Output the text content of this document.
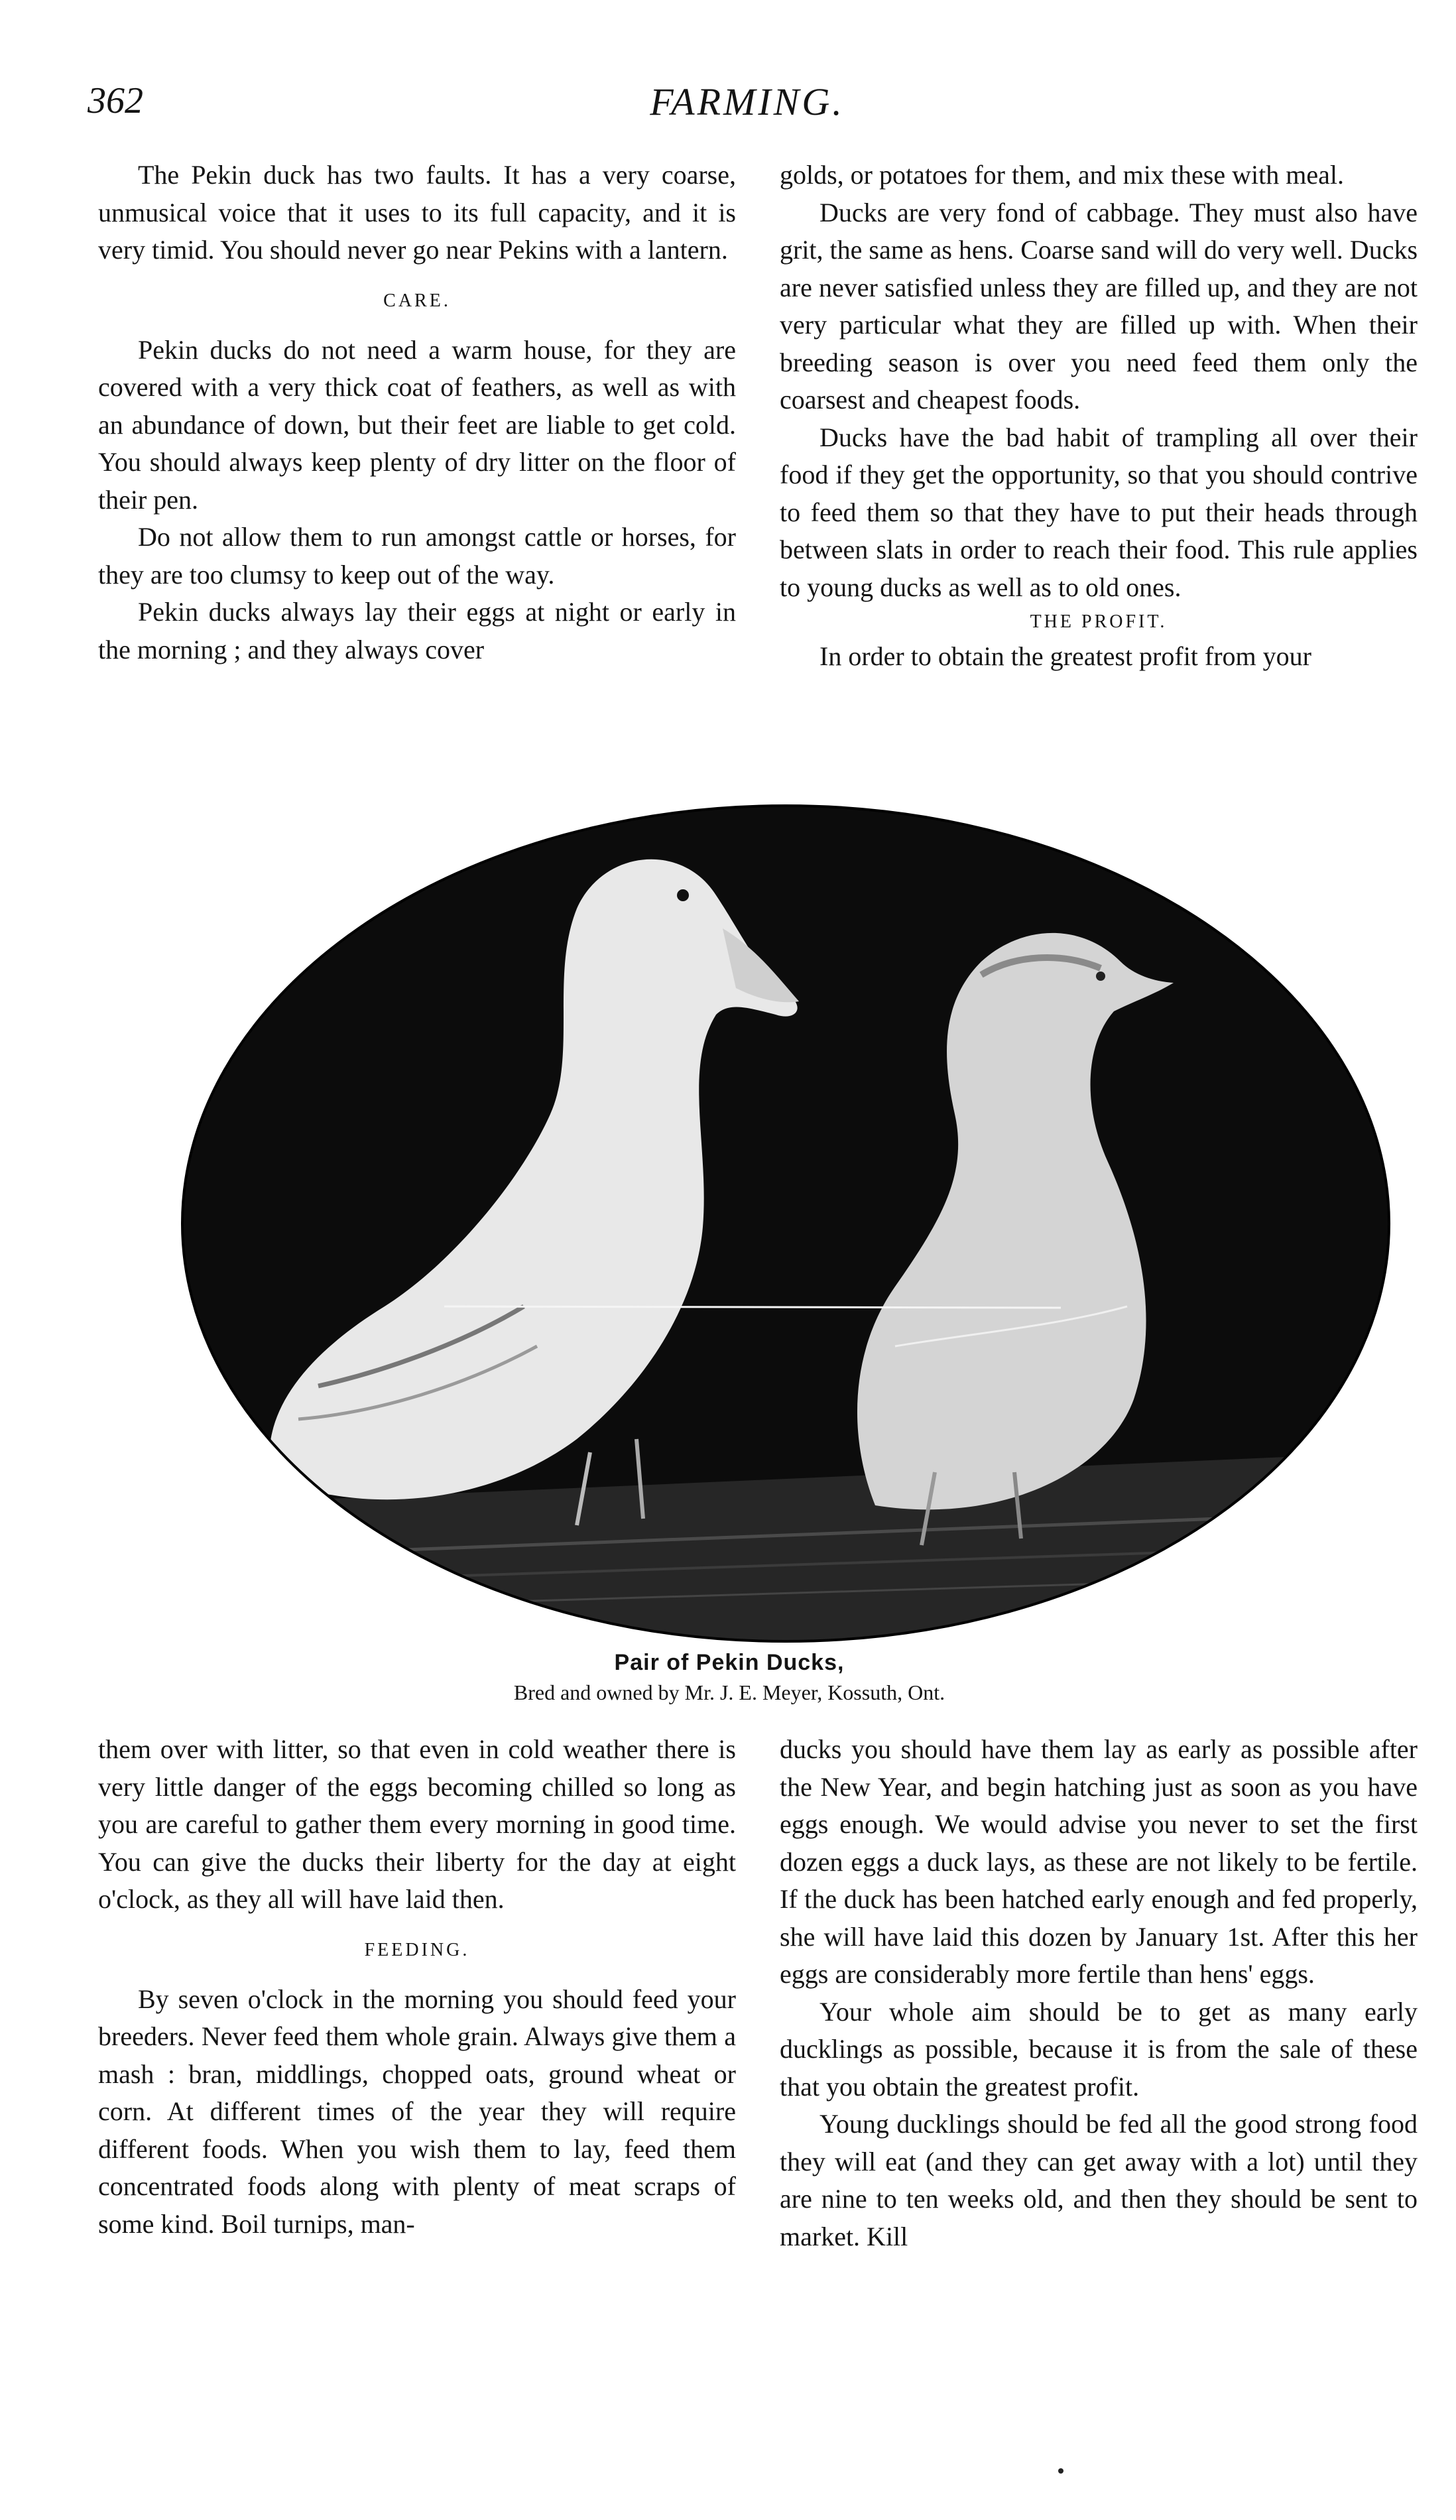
362	FARMING.

The Pekin duck has two faults. It has a very coarse, unmusical voice that it uses to its full capacity, and it is very timid. You should never go near Pekins with a lantern.

CARE.

Pekin ducks do not need a warm house, for they are covered with a very thick coat of feathers, as well as with an abundance of down, but their feet are liable to get cold. You should always keep plenty of dry litter on the floor of their pen.

Do not allow them to run amongst cattle or horses, for they are too clumsy to keep out of the way.

Pekin ducks always lay their eggs at night or early in the morning ; and they always cover

golds, or potatoes for them, and mix these with meal.

Ducks are very fond of cabbage. They must also have grit, the same as hens. Coarse sand will do very well. Ducks are never satisfied unless they are filled up, and they are not very particular what they are filled up with. When their breeding season is over you need feed them only the coarsest and cheapest foods.

Ducks have the bad habit of trampling all over their food if they get the opportunity, so that you should contrive to feed them so that they have to put their heads through between slats in order to reach their food. This rule applies to young ducks as well as to old ones.

THE PROFIT.

In order to obtain the greatest profit from your

Pair of Pekin Ducks,
Bred and owned by Mr. J. E. Meyer, Kossuth, Ont.

them over with litter, so that even in cold weather there is very little danger of the eggs becoming chilled so long as you are careful to gather them every morning in good time. You can give the ducks their liberty for the day at eight o'clock, as they all will have laid then.

FEEDING.

By seven o'clock in the morning you should feed your breeders. Never feed them whole grain. Always give them a mash : bran, middlings, chopped oats, ground wheat or corn. At different times of the year they will require different foods. When you wish them to lay, feed them concentrated foods along with plenty of meat scraps of some kind. Boil turnips, man-

ducks you should have them lay as early as possible after the New Year, and begin hatching just as soon as you have eggs enough. We would advise you never to set the first dozen eggs a duck lays, as these are not likely to be fertile. If the duck has been hatched early enough and fed properly, she will have laid this dozen by January 1st. After this her eggs are considerably more fertile than hens' eggs.

Your whole aim should be to get as many early ducklings as possible, because it is from the sale of these that you obtain the greatest profit.

Young ducklings should be fed all the good strong food they will eat (and they can get away with a lot) until they are nine to ten weeks old, and then they should be sent to market. Kill
